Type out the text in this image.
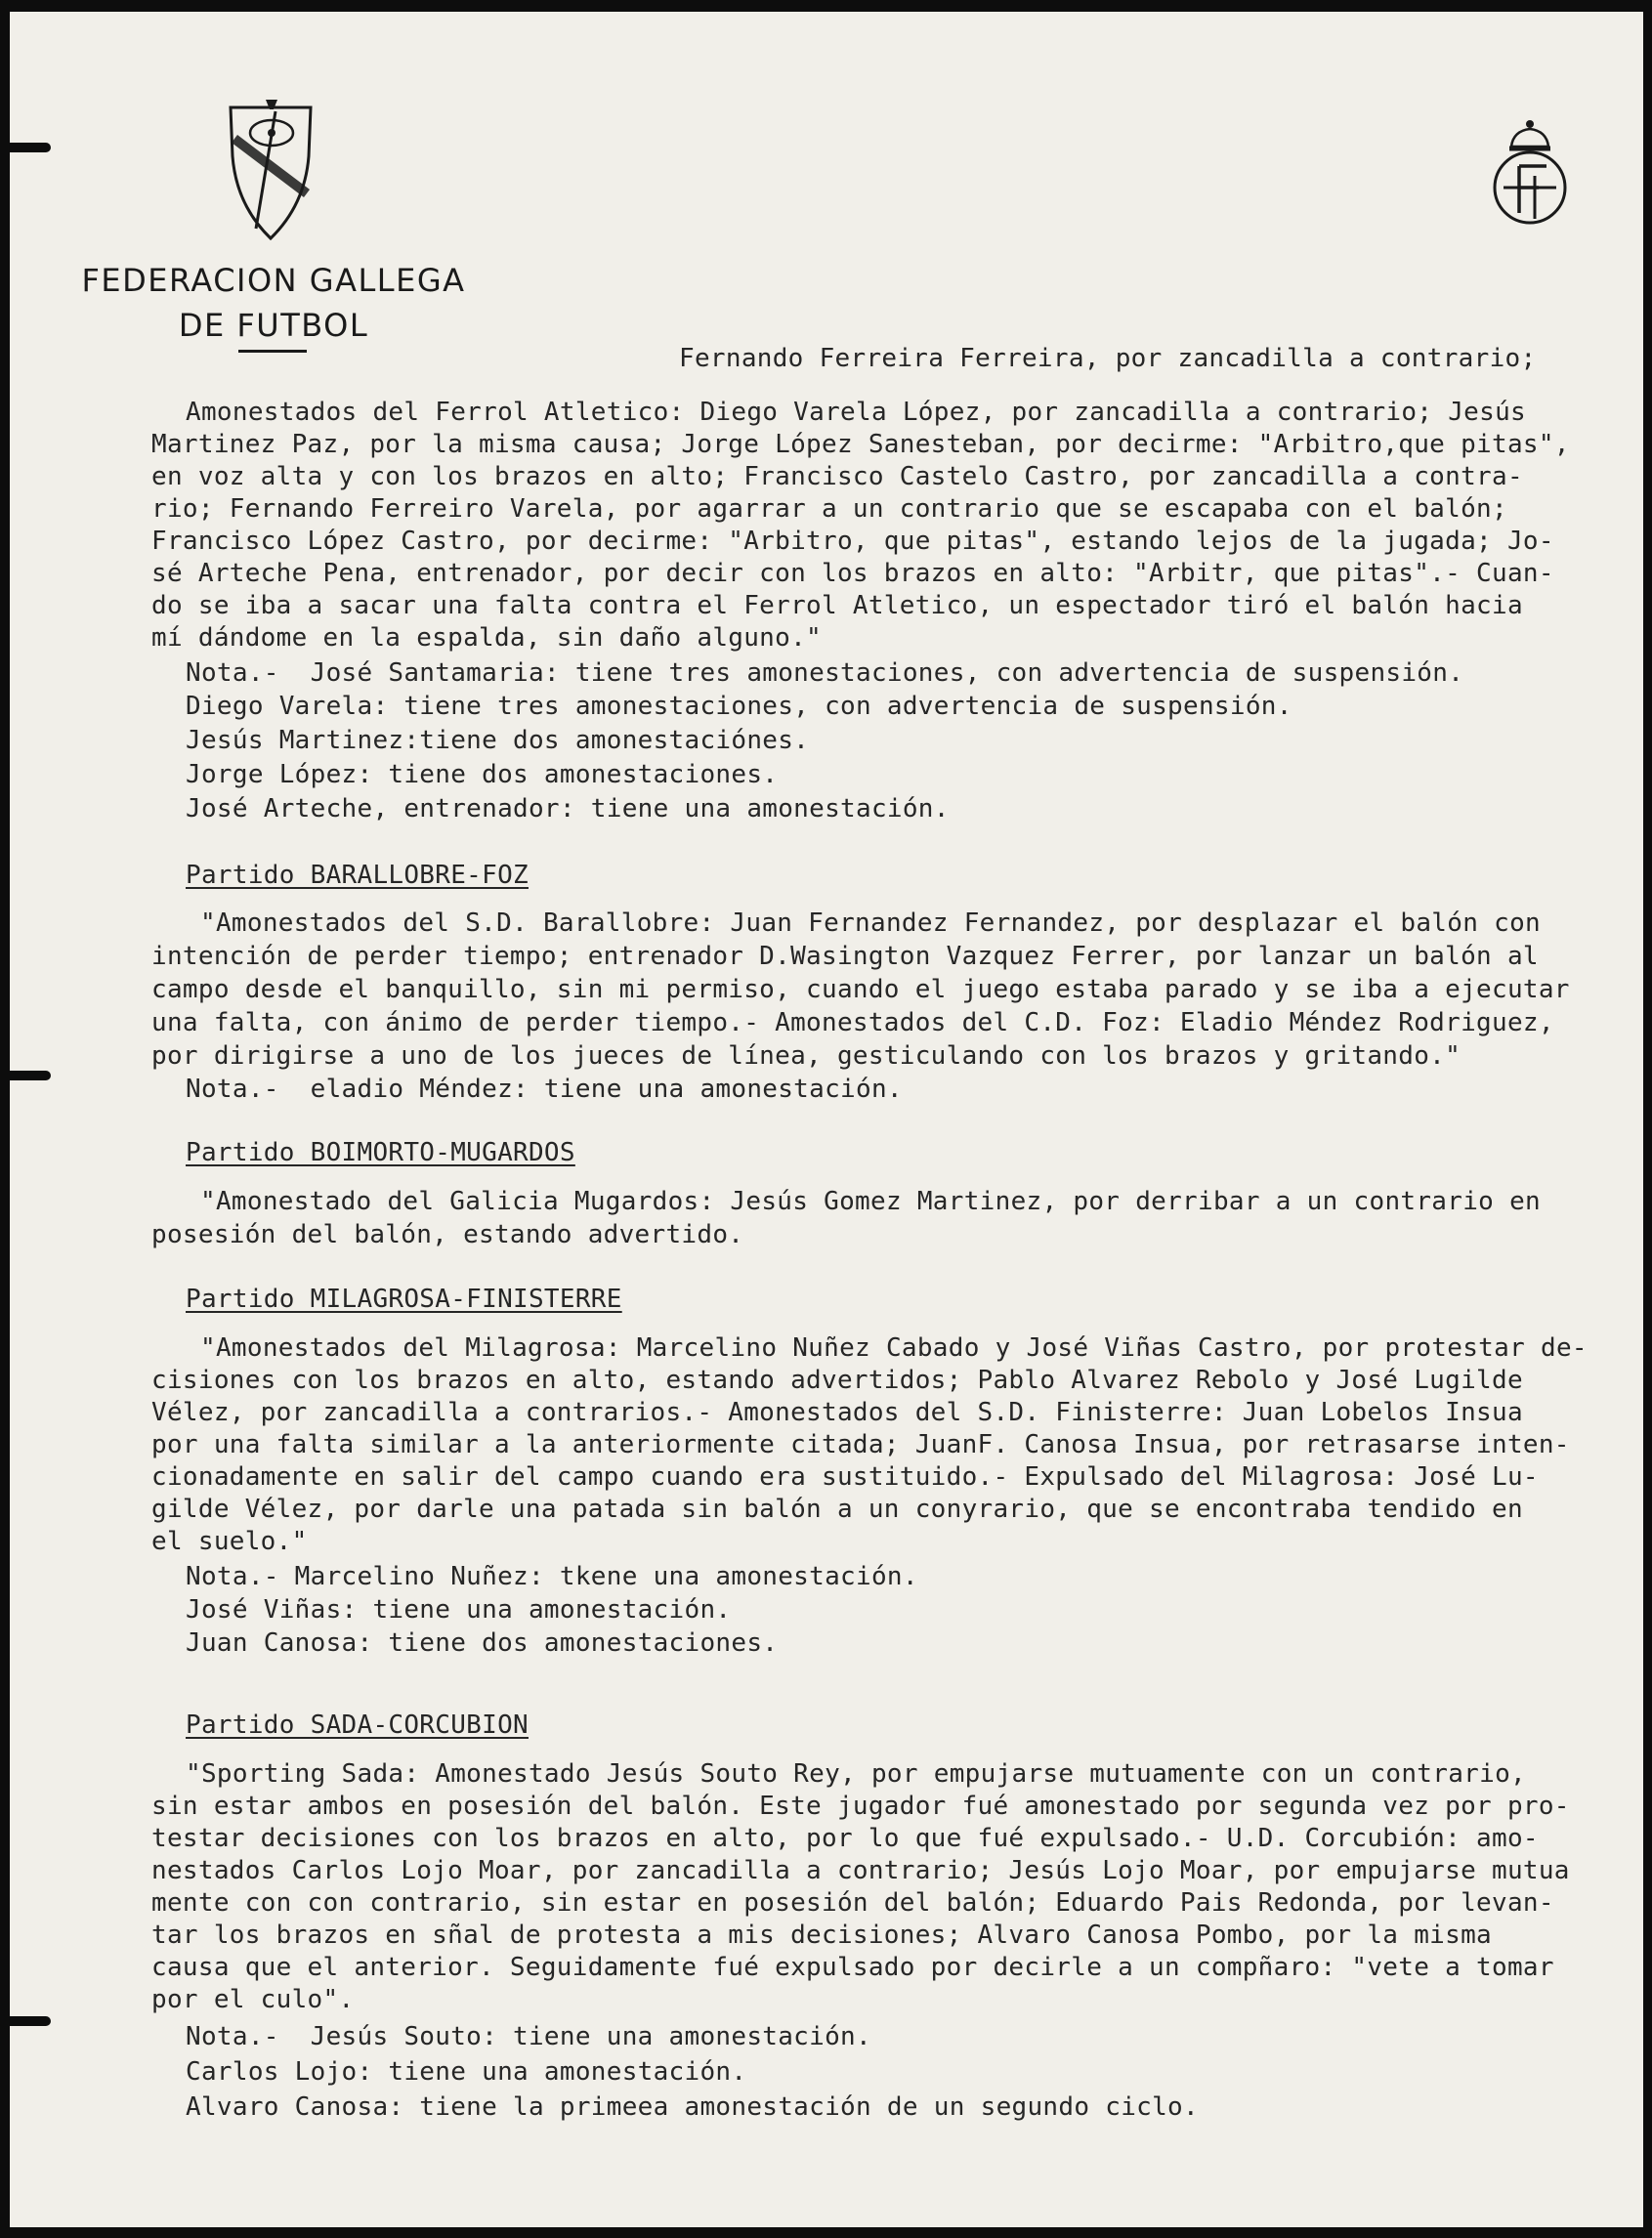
FEDERACION GALLEGA
DE FUTBOL
Fernando Ferreira Ferreira, por zancadilla a contrario;
Amonestados del Ferrol Atletico: Diego Varela López, por zancadilla a contrario; Jesús
Martinez Paz, por la misma causa; Jorge López Sanesteban, por decirme: "Arbitro,que pitas",
en voz alta y con los brazos en alto; Francisco Castelo Castro, por zancadilla a contra-
rio; Fernando Ferreiro Varela, por agarrar a un contrario que se escapaba con el balón;
Francisco López Castro, por decirme: "Arbitro, que pitas", estando lejos de la jugada; Jo-
sé Arteche Pena, entrenador, por decir con los brazos en alto: "Arbitr, que pitas".- Cuan-
do se iba a sacar una falta contra el Ferrol Atletico, un espectador tiró el balón hacia
mí dándome en la espalda, sin daño alguno."
Nota.-  José Santamaria: tiene tres amonestaciones, con advertencia de suspensión.
Diego Varela: tiene tres amonestaciones, con advertencia de suspensión.
Jesús Martinez:tiene dos amonestaciónes.
Jorge López: tiene dos amonestaciones.
José Arteche, entrenador: tiene una amonestación.
Partido BARALLOBRE-FOZ
"Amonestados del S.D. Barallobre: Juan Fernandez Fernandez, por desplazar el balón con
intención de perder tiempo; entrenador D.Wasington Vazquez Ferrer, por lanzar un balón al
campo desde el banquillo, sin mi permiso, cuando el juego estaba parado y se iba a ejecutar
una falta, con ánimo de perder tiempo.- Amonestados del C.D. Foz: Eladio Méndez Rodriguez,
por dirigirse a uno de los jueces de línea, gesticulando con los brazos y gritando."
Nota.-  eladio Méndez: tiene una amonestación.
Partido BOIMORTO-MUGARDOS
"Amonestado del Galicia Mugardos: Jesús Gomez Martinez, por derribar a un contrario en
posesión del balón, estando advertido.
Partido MILAGROSA-FINISTERRE
"Amonestados del Milagrosa: Marcelino Nuñez Cabado y José Viñas Castro, por protestar de-
cisiones con los brazos en alto, estando advertidos; Pablo Alvarez Rebolo y José Lugilde
Vélez, por zancadilla a contrarios.- Amonestados del S.D. Finisterre: Juan Lobelos Insua
por una falta similar a la anteriormente citada; JuanF. Canosa Insua, por retrasarse inten-
cionadamente en salir del campo cuando era sustituido.- Expulsado del Milagrosa: José Lu-
gilde Vélez, por darle una patada sin balón a un conyrario, que se encontraba tendido en
el suelo."
Nota.- Marcelino Nuñez: tkene una amonestación.
José Viñas: tiene una amonestación.
Juan Canosa: tiene dos amonestaciones.
Partido SADA-CORCUBION
"Sporting Sada: Amonestado Jesús Souto Rey, por empujarse mutuamente con un contrario,
sin estar ambos en posesión del balón. Este jugador fué amonestado por segunda vez por pro-
testar decisiones con los brazos en alto, por lo que fué expulsado.- U.D. Corcubión: amo-
nestados Carlos Lojo Moar, por zancadilla a contrario; Jesús Lojo Moar, por empujarse mutua
mente con con contrario, sin estar en posesión del balón; Eduardo Pais Redonda, por levan-
tar los brazos en sñal de protesta a mis decisiones; Alvaro Canosa Pombo, por la misma
causa que el anterior. Seguidamente fué expulsado por decirle a un compñaro: "vete a tomar
por el culo".
Nota.-  Jesús Souto: tiene una amonestación.
Carlos Lojo: tiene una amonestación.
Alvaro Canosa: tiene la primeea amonestación de un segundo ciclo.
